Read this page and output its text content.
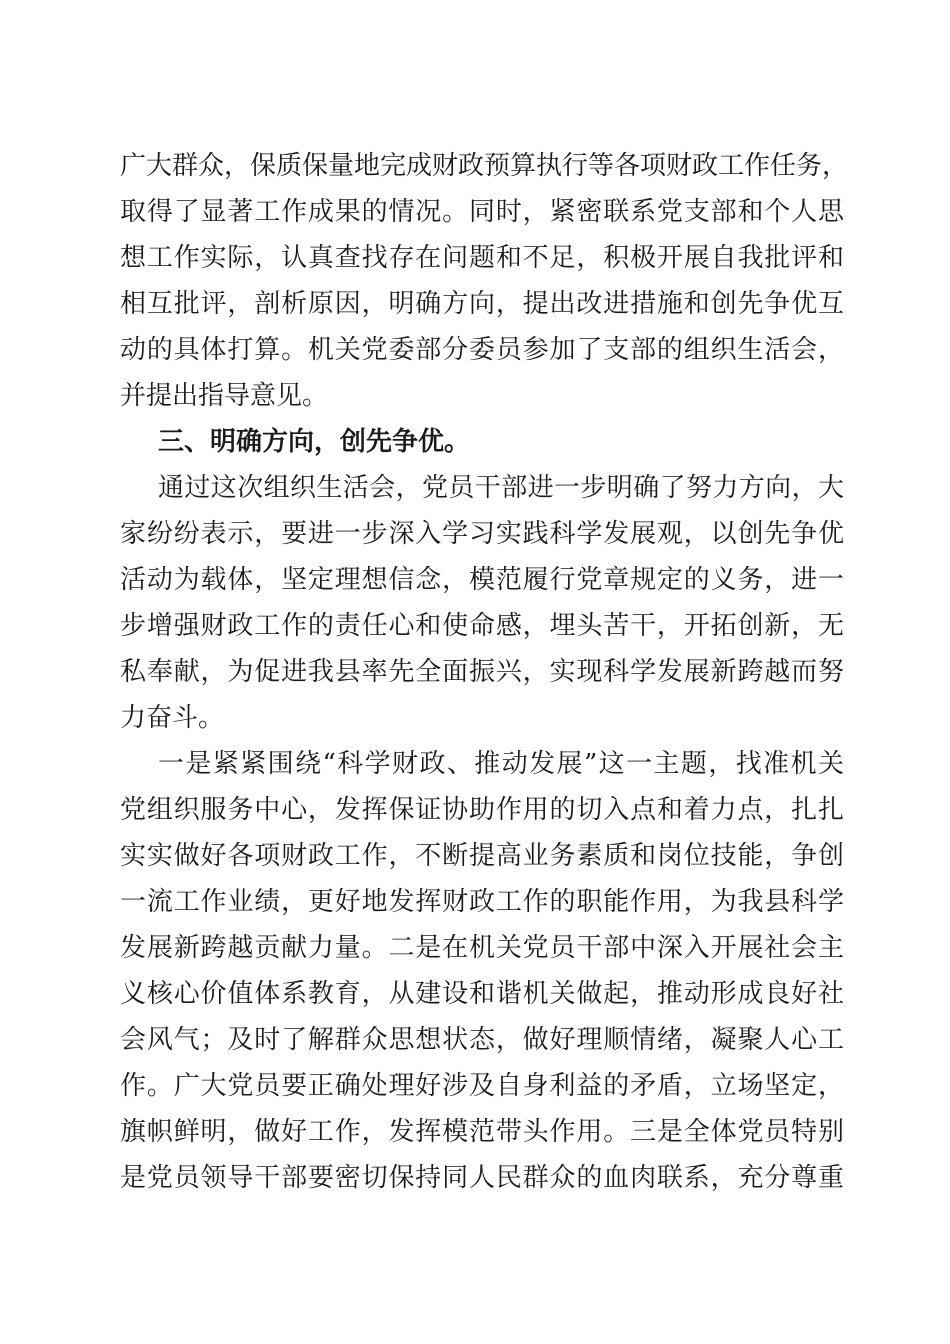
广大群众，保质保量地完成财政预算执行等各项财政工作任务，
取得了显著工作成果的情况。同时，紧密联系党支部和个人思
想工作实际，认真查找存在问题和不足，积极开展自我批评和
相互批评，剖析原因，明确方向，提出改进措施和创先争优互
动的具体打算。机关党委部分委员参加了支部的组织生活会，
并提出指导意见。
三、明确方向，创先争优。
通过这次组织生活会，党员干部进一步明确了努力方向，大
家纷纷表示，要进一步深入学习实践科学发展观，以创先争优
活动为载体，坚定理想信念，模范履行党章规定的义务，进一
步增强财政工作的责任心和使命感，埋头苦干，开拓创新，无
私奉献，为促进我县率先全面振兴，实现科学发展新跨越而努
力奋斗。
一是紧紧围绕“科学财政、推动发展”这一主题，找准机关
党组织服务中心，发挥保证协助作用的切入点和着力点，扎扎
实实做好各项财政工作，不断提高业务素质和岗位技能，争创
一流工作业绩，更好地发挥财政工作的职能作用，为我县科学
发展新跨越贡献力量。二是在机关党员干部中深入开展社会主
义核心价值体系教育，从建设和谐机关做起，推动形成良好社
会风气；及时了解群众思想状态，做好理顺情绪，凝聚人心工
作。广大党员要正确处理好涉及自身利益的矛盾，立场坚定，
旗帜鲜明，做好工作，发挥模范带头作用。三是全体党员特别
是党员领导干部要密切保持同人民群众的血肉联系，充分尊重
